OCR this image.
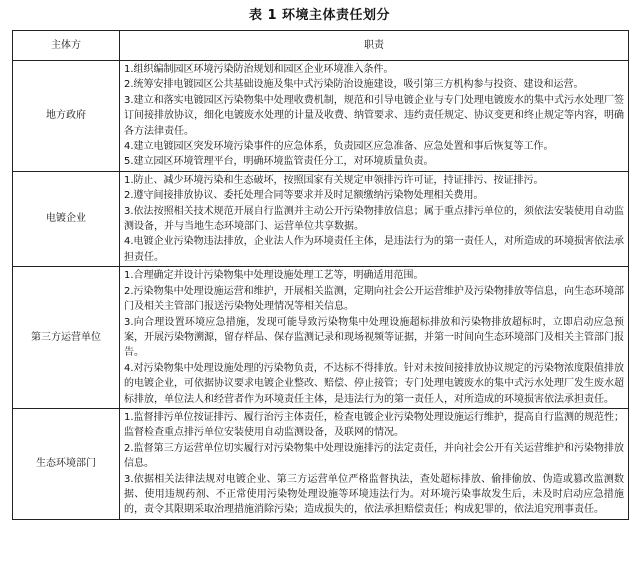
表 1 环境主体责任划分
主体方	职责
地方政府	1.组织编制园区环境污染防治规划和园区企业环境准入条件。
2.统筹安排电镀园区公共基础设施及集中式污染防治设施建设，吸引第三方机构参与投资、建设和运营。
3.建立和落实电镀园区污染物集中处理收费机制，规范和引导电镀企业与专门处理电镀废水的集中式污水处理厂签订间接排放协议，细化电镀废水处理的计量及收费、纳管要求、违约责任规定、协议变更和终止规定等内容，明确各方法律责任。
4.建立电镀园区突发环境污染事件的应急体系，负责园区应急准备、应急处置和事后恢复等工作。
5.建立园区环境管理平台，明确环境监管责任分工，对环境质量负责。

电镀企业	1.防止、减少环境污染和生态破坏，按照国家有关规定申领排污许可证，持证排污、按证排污。
2.遵守间接排放协议、委托处理合同等要求并及时足额缴纳污染物处理相关费用。
3.依法按照相关技术规范开展自行监测并主动公开污染物排放信息；属于重点排污单位的，须依法安装使用自动监测设备，并与当地生态环境部门、运营单位共享数据。
4.电镀企业污染物违法排放，企业法人作为环境责任主体，是违法行为的第一责任人，对所造成的环境损害依法承担责任。

第三方运营单位	1.合理确定并设计污染物集中处理设施处理工艺等，明确适用范围。
2.污染物集中处理设施运营和维护，开展相关监测，定期向社会公开运营维护及污染物排放等信息，向生态环境部门及相关主管部门报送污染物处理情况等相关信息。
3.向合理设置环境应急措施，发现可能导致污染物集中处理设施超标排放和污染物排放超标时，立即启动应急预案，开展污染物溯源，留存样品、保存监测记录和现场视频等证据，并第一时间向生态环境部门及相关主管部门报告。
4.对污染物集中处理设施处理的污染物负责，不达标不得排放。针对未按间接排放协议规定的污染物浓度限值排放的电镀企业，可依据协议要求电镀企业整改、赔偿、停止接管；专门处理电镀废水的集中式污水处理厂发生废水超标排放，单位法人和经营者作为环境责任主体，是违法行为的第一责任人，对所造成的环境损害依法承担责任。

生态环境部门	1.监督排污单位按证排污、履行治污主体责任，检查电镀企业污染物处理设施运行维护，提高自行监测的规范性；监督检查重点排污单位安装使用自动监测设备，及联网的情况。
2.监督第三方运营单位切实履行对污染物集中处理设施排污的法定责任，并向社会公开有关运营维护和污染物排放信息。
3.依据相关法律法规对电镀企业、第三方运营单位严格监督执法，查处超标排放、偷排偷放、伪造或篡改监测数据、使用违规药剂、不正常使用污染物处理设施等环境违法行为。对环境污染事故发生后，未及时启动应急措施的，责令其限期采取治理措施消除污染；造成损失的，依法承担赔偿责任；构成犯罪的，依法追究刑事责任。
